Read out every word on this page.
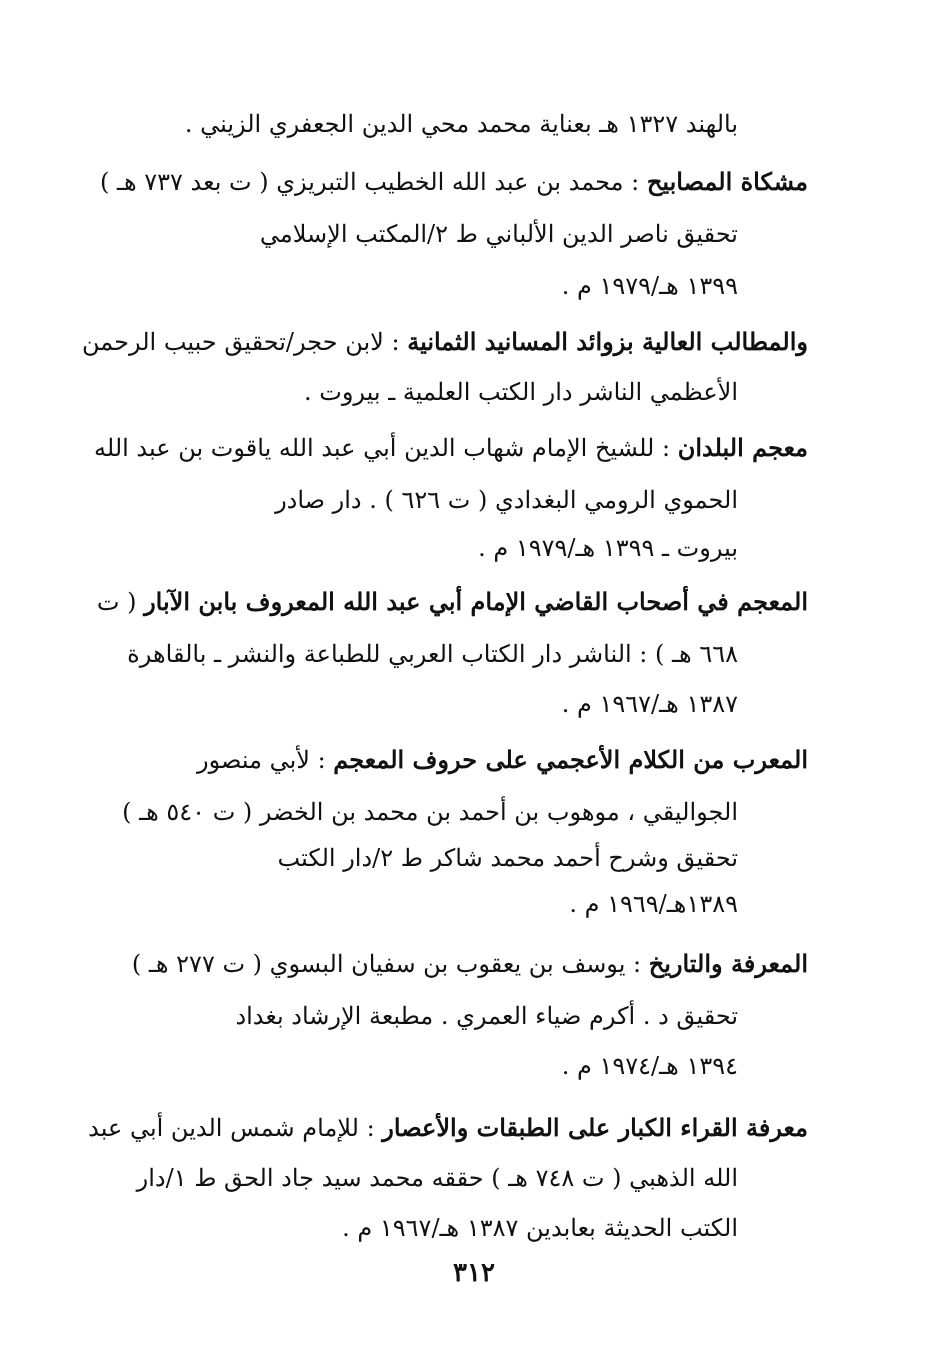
بالهند ١٣٢٧ هـ بعناية محمد محي الدين الجعفري الزيني .
مشكاة المصابيح : محمد بن عبد الله الخطيب التبريزي ( ت بعد ٧٣٧ هـ )
تحقيق ناصر الدين الألباني ط ٢/المكتب الإسلامي
١٣٩٩ هـ/١٩٧٩ م .
والمطالب العالية بزوائد المسانيد الثمانية : لابن حجر/تحقيق حبيب الرحمن
الأعظمي الناشر دار الكتب العلمية ـ بيروت .
معجم البلدان : للشيخ الإمام شهاب الدين أبي عبد الله ياقوت بن عبد الله
الحموي الرومي البغدادي ( ت ٦٢٦ ) . دار صادر
بيروت ـ ١٣٩٩ هـ/١٩٧٩ م .
المعجم في أصحاب القاضي الإمام أبي عبد الله المعروف بابن الآبار ( ت
٦٦٨ هـ ) : الناشر دار الكتاب العربي للطباعة والنشر ـ بالقاهرة
١٣٨٧ هـ/١٩٦٧ م .
المعرب من الكلام الأعجمي على حروف المعجم : لأبي منصور
الجواليقي ، موهوب بن أحمد بن محمد بن الخضر ( ت ٥٤٠ هـ )
تحقيق وشرح أحمد محمد شاكر ط ٢/دار الكتب
١٣٨٩هـ/١٩٦٩ م .
المعرفة والتاريخ : يوسف بن يعقوب بن سفيان البسوي ( ت ٢٧٧ هـ )
تحقيق د . أكرم ضياء العمري . مطبعة الإرشاد بغداد
١٣٩٤ هـ/١٩٧٤ م .
معرفة القراء الكبار على الطبقات والأعصار : للإمام شمس الدين أبي عبد
الله الذهبي ( ت ٧٤٨ هـ ) حققه محمد سيد جاد الحق ط ١/دار
الكتب الحديثة بعابدين ١٣٨٧ هـ/١٩٦٧ م .
٣١٢
